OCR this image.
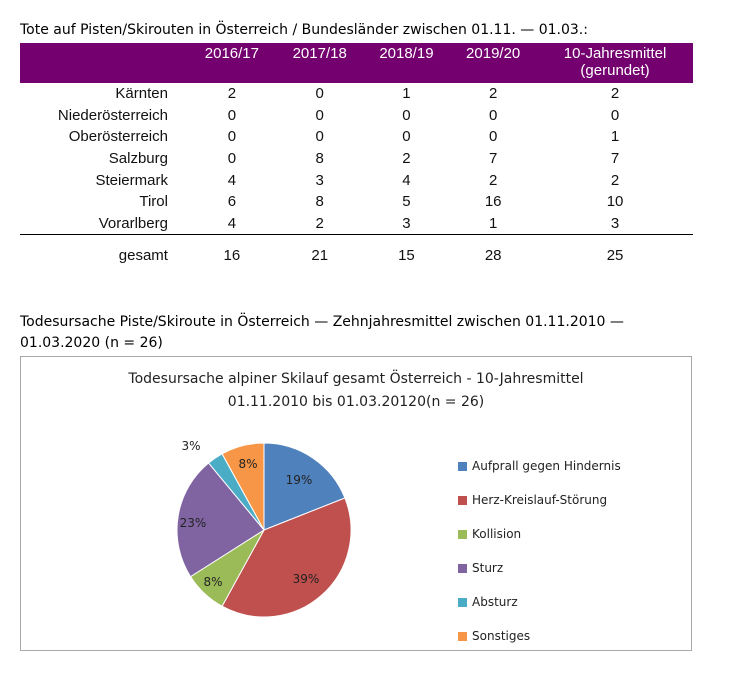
Tote auf Pisten/Skirouten in Österreich / Bundesländer zwischen 01.11. — 01.03.:
	2016/17	2017/18	2018/19	2019/20	10-Jahresmittel
(gerundet)
Kärnten	2	0	1	2	2
Niederösterreich	0	0	0	0	0
Oberösterreich	0	0	0	0	1
Salzburg	0	8	2	7	7
Steiermark	4	3	4	2	2
Tirol	6	8	5	16	10
Vorarlberg	4	2	3	1	3
gesamt	16	21	15	28	25
Todesursache Piste/Skiroute in Österreich — Zehnjahresmittel zwischen 01.11.2010 — 01.03.2020 (n = 26)
Todesursache alpiner Skilauf gesamt Österreich - 10-Jahresmittel
01.11.2010 bis 01.03.20120(n = 26)
19%
39%
8%
23%
3%
8%	Aufprall gegen Hindernis
Herz-Kreislauf-Störung
Kollision
Sturz
Absturz
Sonstiges
